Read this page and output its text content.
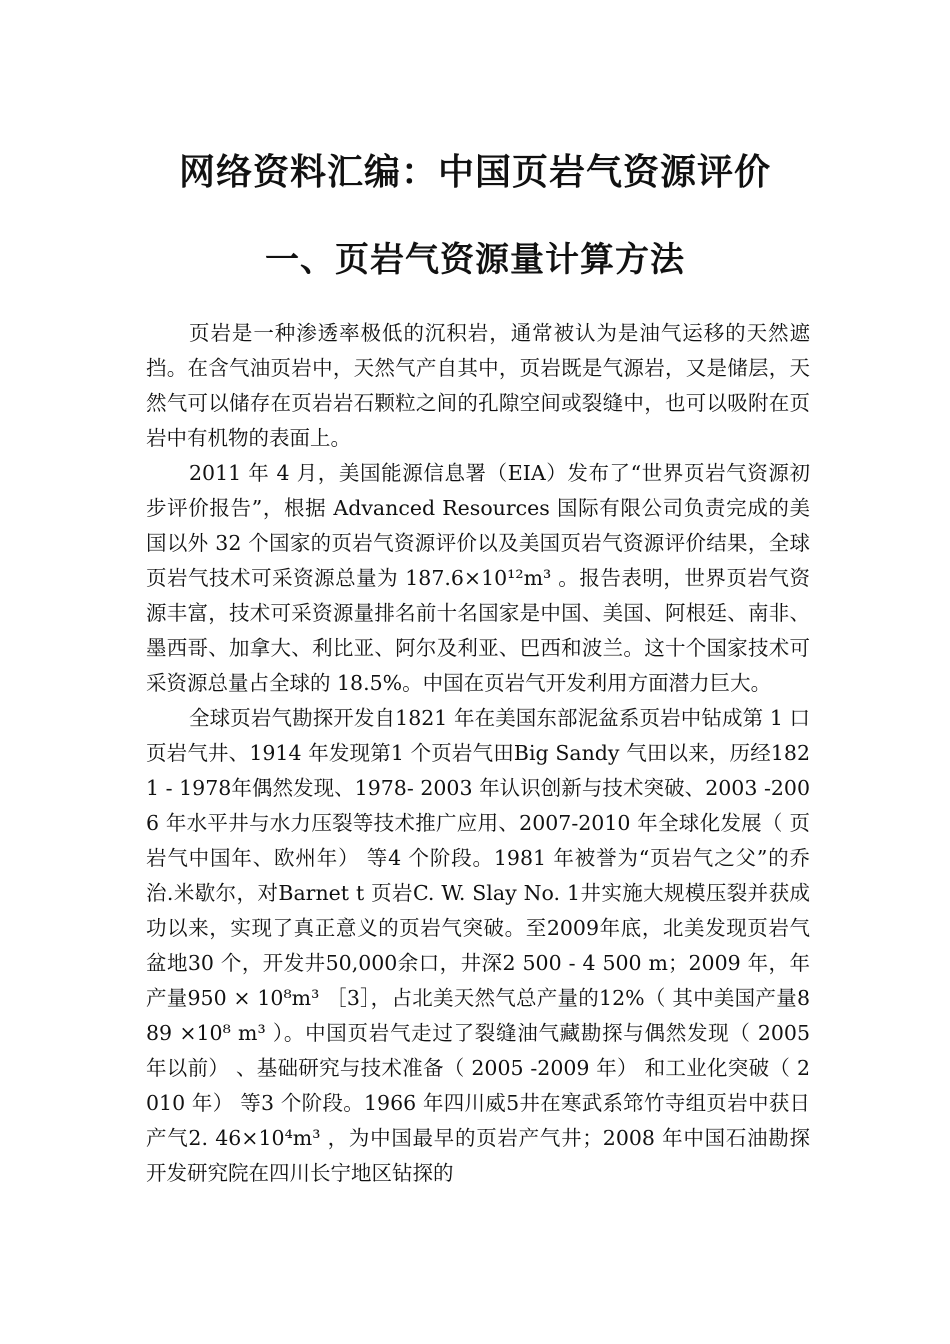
网络资料汇编：中国页岩气资源评价
一、页岩气资源量计算方法

页岩是一种渗透率极低的沉积岩，通常被认为是油气运移的天然遮挡。在含气油页岩中，天然气产自其中，页岩既是气源岩，又是储层，天然气可以储存在页岩岩石颗粒之间的孔隙空间或裂缝中，也可以吸附在页岩中有机物的表面上。

2011 年 4 月，美国能源信息署（EIA）发布了“世界页岩气资源初步评价报告”，根据 Advanced Resources 国际有限公司负责完成的美国以外 32 个国家的页岩气资源评价以及美国页岩气资源评价结果，全球页岩气技术可采资源总量为 187.6×10¹²m³ 。报告表明，世界页岩气资源丰富，技术可采资源量排名前十名国家是中国、美国、阿根廷、南非、墨西哥、加拿大、利比亚、阿尔及利亚、巴西和波兰。这十个国家技术可采资源总量占全球的 18.5%。中国在页岩气开发利用方面潜力巨大。

全球页岩气勘探开发自1821 年在美国东部泥盆系页岩中钻成第 1 口页岩气井、1914 年发现第1 个页岩气田Big Sandy 气田以来，历经1821 - 1978年偶然发现、1978- 2003 年认识创新与技术突破、2003 -2006 年水平井与水力压裂等技术推广应用、2007-2010 年全球化发展（ 页岩气中国年、欧州年） 等4 个阶段。1981 年被誉为“页岩气之父”的乔治.米歇尔，对Barnet t 页岩C. W. Slay No. 1井实施大规模压裂并获成功以来，实现了真正意义的页岩气突破。至2009年底，北美发现页岩气盆地30 个，开发井50,000余口，井深2 500 - 4 500 m；2009 年，年产量950 × 10⁸m³ ［3］，占北美天然气总产量的12%（ 其中美国产量889 ×10⁸ m³ ）。中国页岩气走过了裂缝油气藏勘探与偶然发现（ 2005 年以前） 、基础研究与技术准备（ 2005 -2009 年） 和工业化突破（ 2010 年） 等3 个阶段。1966 年四川威5井在寒武系筇竹寺组页岩中获日产气2. 46×10⁴m³ ，为中国最早的页岩产气井；2008 年中国石油勘探开发研究院在四川长宁地区钻探的
